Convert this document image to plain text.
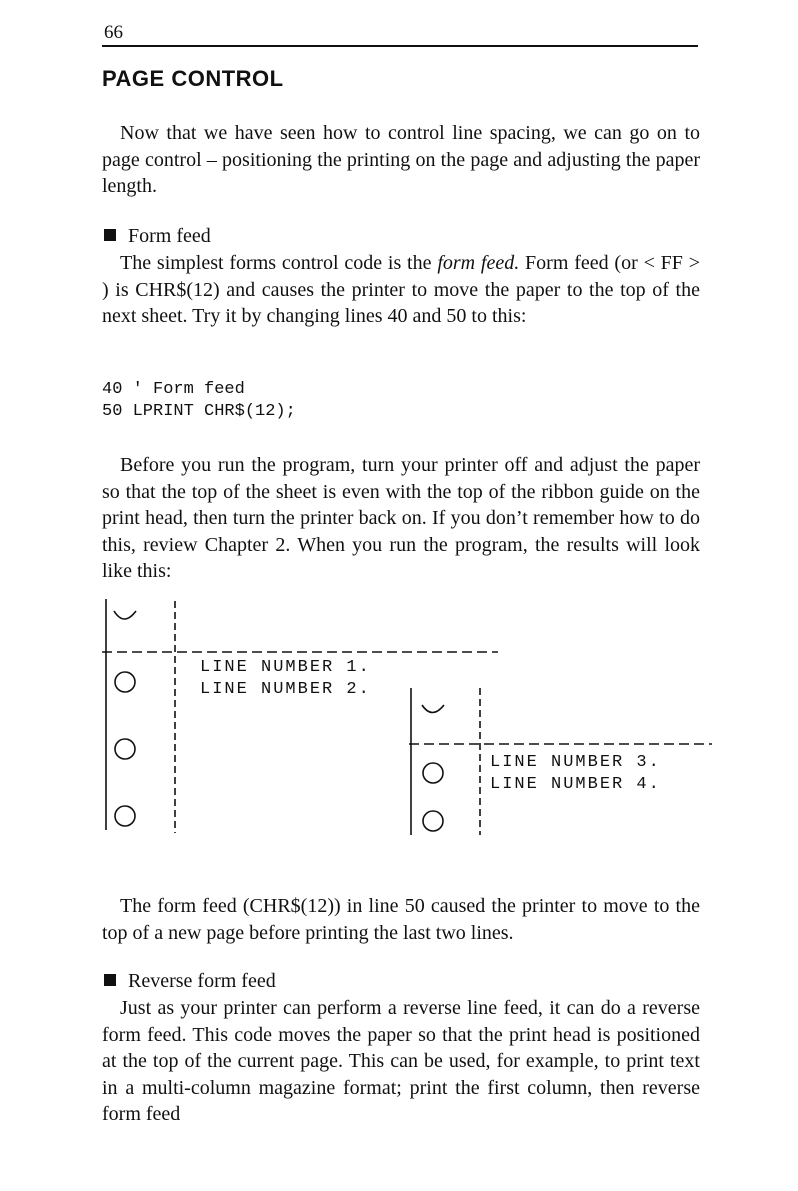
66
PAGE CONTROL
Now that we have seen how to control line spacing, we can go on to page control – positioning the printing on the page and adjusting the paper length.
Form feed
The simplest forms control code is the form feed. Form feed (or < FF > ) is CHR$(12) and causes the printer to move the paper to the top of the next sheet. Try it by changing lines 40 and 50 to this:
40 ' Form feed
50 LPRINT CHR$(12);
Before you run the program, turn your printer off and adjust the paper so that the top of the sheet is even with the top of the ribbon guide on the print head, then turn the printer back on. If you don’t remember how to do this, review Chapter 2. When you run the program, the results will look like this:
LINE NUMBER 1.
LINE NUMBER 2.
LINE NUMBER 3.
LINE NUMBER 4.
The form feed (CHR$(12)) in line 50 caused the printer to move to the top of a new page before printing the last two lines.
Reverse form feed
Just as your printer can perform a reverse line feed, it can do a reverse form feed. This code moves the paper so that the print head is positioned at the top of the current page. This can be used, for example, to print text in a multi-column magazine format; print the first column, then reverse form feed
